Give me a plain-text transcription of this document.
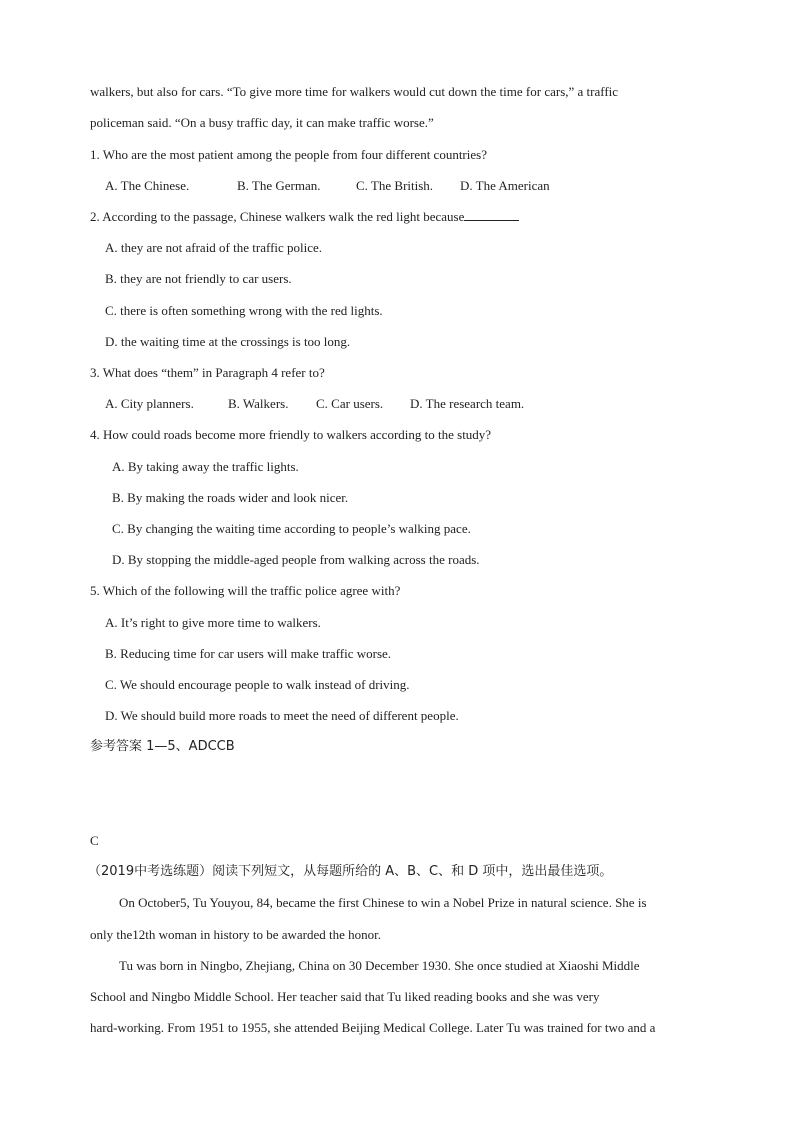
walkers, but also for cars. “To give more time for walkers would cut down the time for cars,” a traffic
policeman said. “On a busy traffic day, it can make traffic worse.”
1. Who are the most patient among the people from four different countries?
A. The Chinese.	B. The German.	C. The British. D. The American
2. According to the passage, Chinese walkers walk the red light because
A. they are not afraid of the traffic police.
B. they are not friendly to car users.
C. there is often something wrong with the red lights.
D. the waiting time at the crossings is too long.
3. What does “them” in Paragraph 4 refer to?
A. City planners.	B. Walkers. C. Car users. D. The research team.
4. How could roads become more friendly to walkers according to the study?
A. By taking away the traffic lights.
B. By making the roads wider and look nicer.
C. By changing the waiting time according to people’s walking pace.
D. By stopping the middle-aged people from walking across the roads.
5. Which of the following will the traffic police agree with?
A. It’s right to give more time to walkers.
B. Reducing time for car users will make traffic worse.
C. We should encourage people to walk instead of driving.
D. We should build more roads to meet the need of different people.
参考答案 1—5、ADCCB
C
（2019中考选练题）阅读下列短文，从每题所给的 A、B、C、和 D 项中，选出最佳选项。
On October5, Tu Youyou, 84, became the first Chinese to win a Nobel Prize in natural science. She is
only the12th woman in history to be awarded the honor.
Tu was born in Ningbo, Zhejiang, China on 30 December 1930. She once studied at Xiaoshi Middle
School and Ningbo Middle School. Her teacher said that Tu liked reading books and she was very
hard-working. From 1951 to 1955, she attended Beijing Medical College. Later Tu was trained for two and a
